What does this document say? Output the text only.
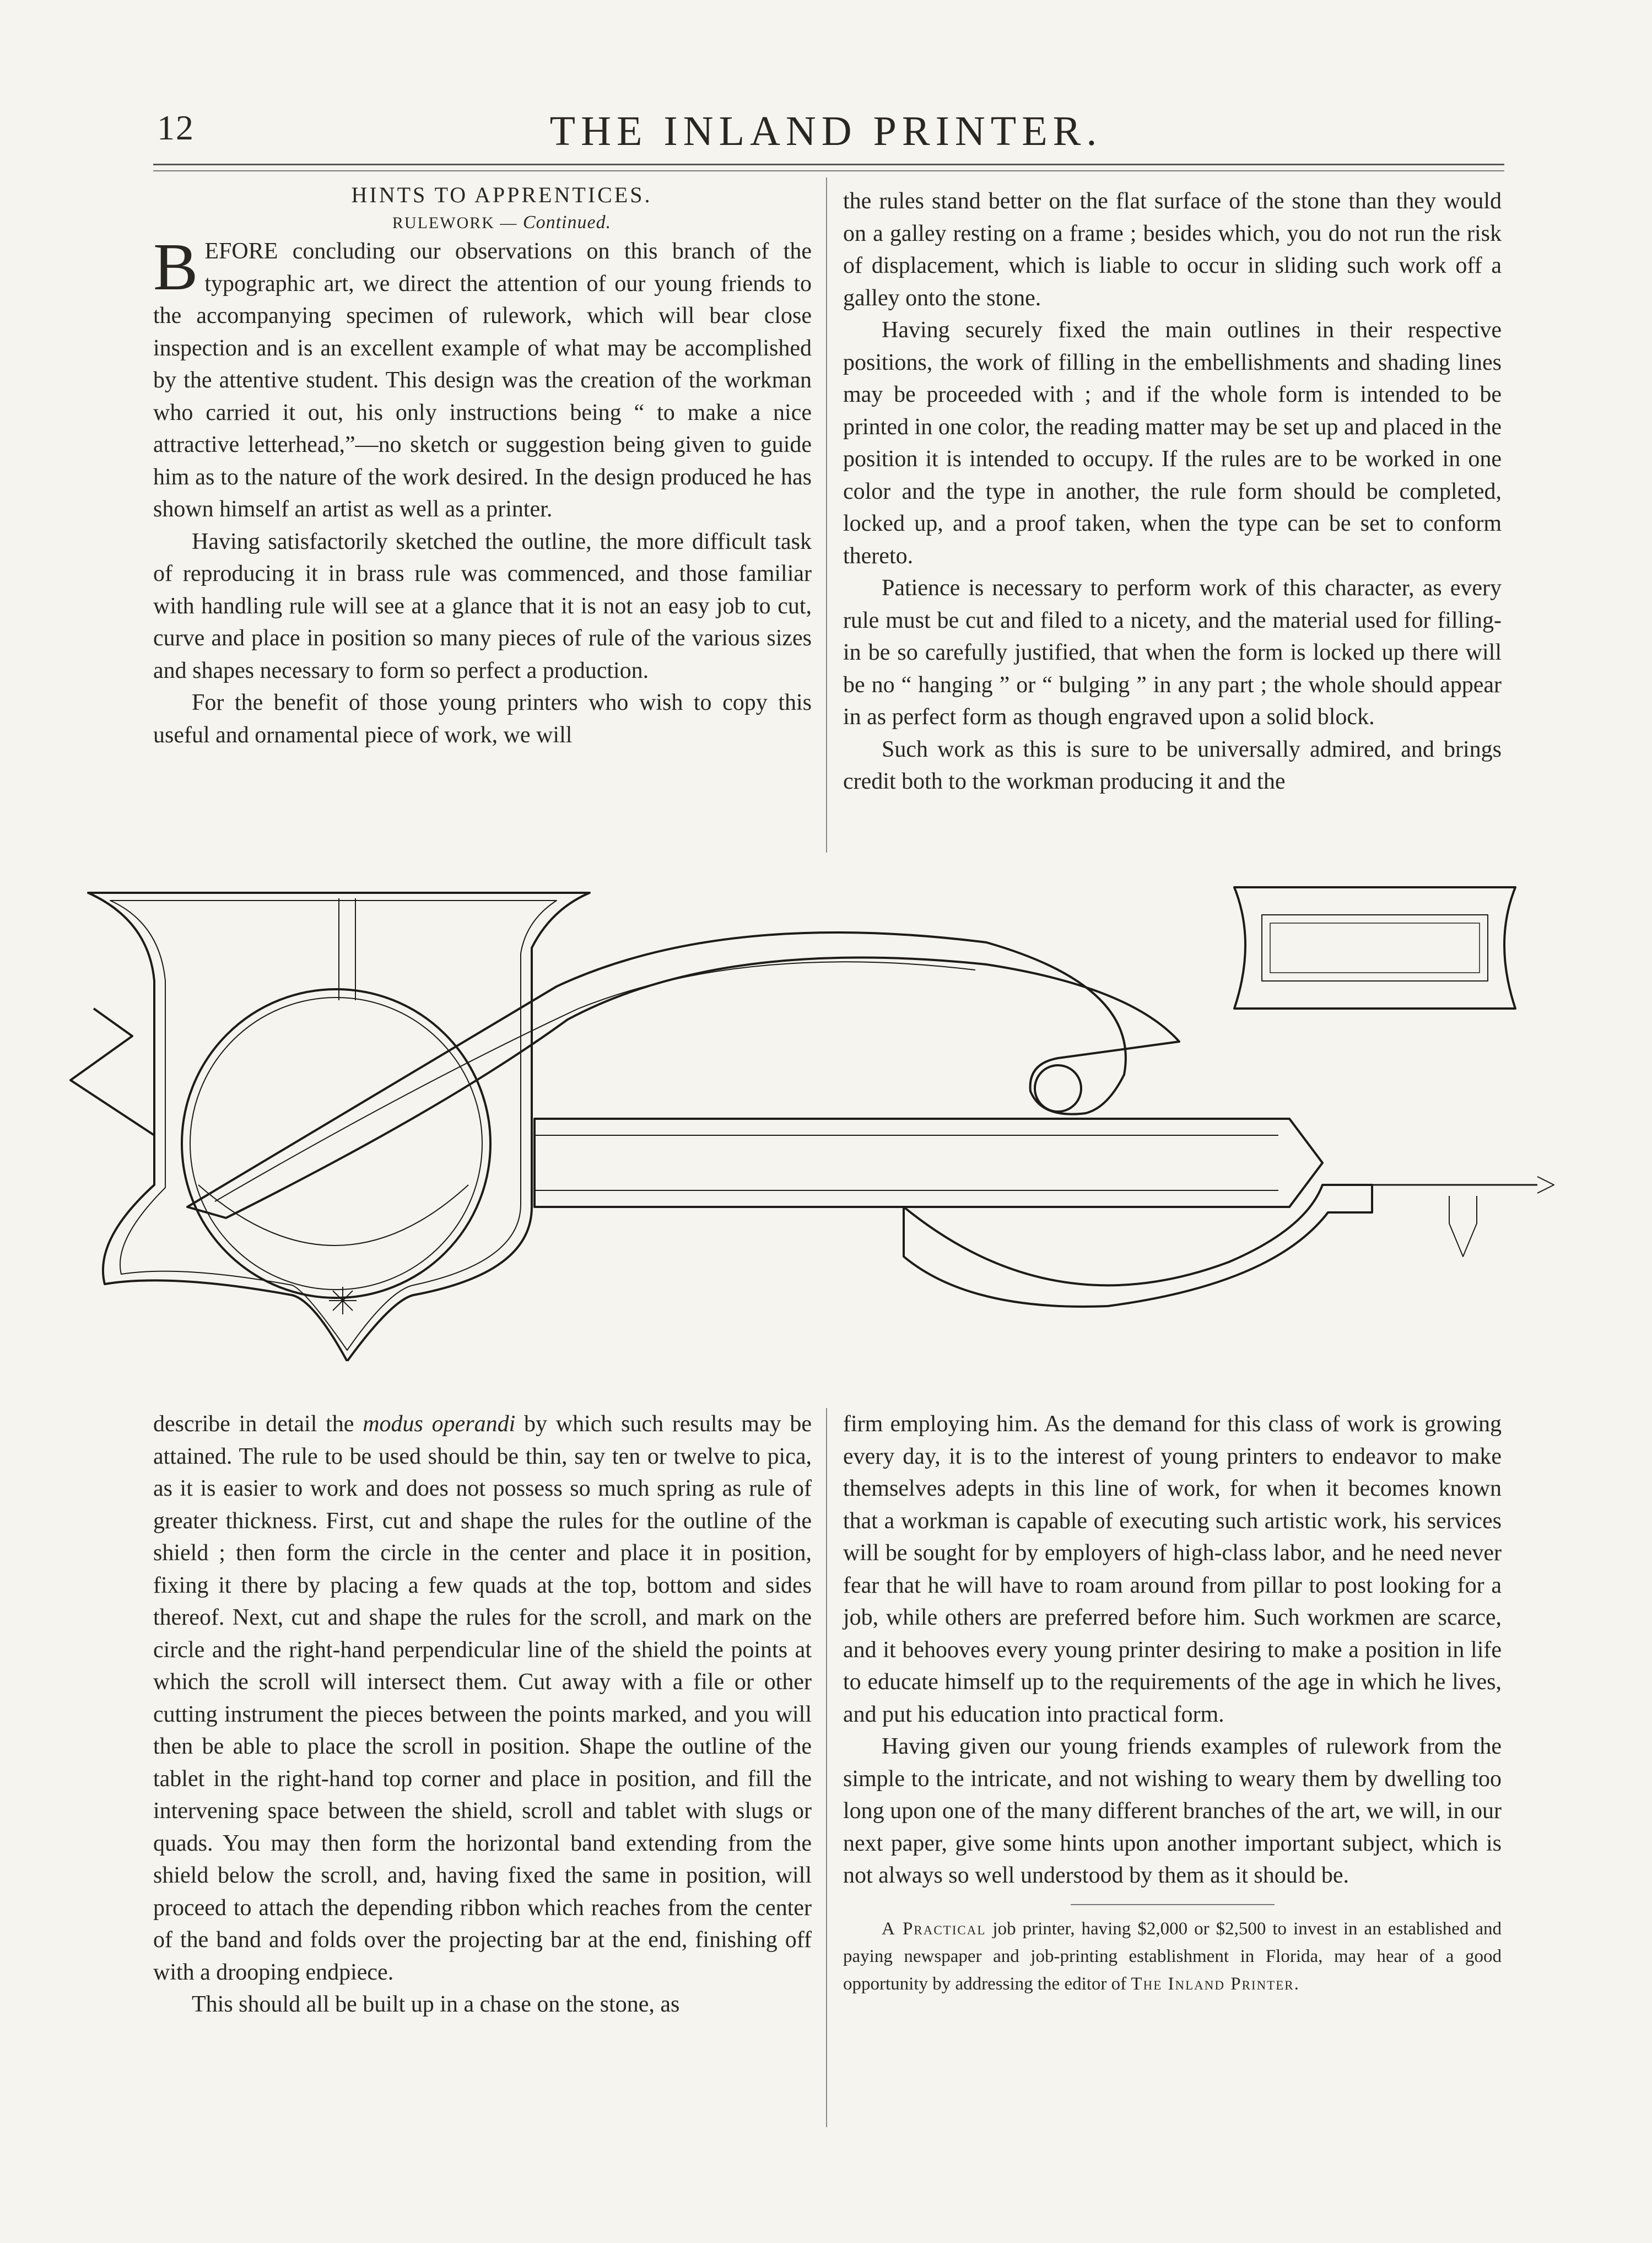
12	THE INLAND PRINTER.

HINTS TO APPRENTICES.

RULEWORK — Continued.

BEFORE concluding our observations on this branch of the typographic art, we direct the attention of our young friends to the accompanying specimen of rulework, which will bear close inspection and is an excellent example of what may be accomplished by the attentive student. This design was the creation of the workman who carried it out, his only instructions being “ to make a nice attractive letterhead,”—no sketch or suggestion being given to guide him as to the nature of the work desired. In the design produced he has shown himself an artist as well as a printer.

Having satisfactorily sketched the outline, the more difficult task of reproducing it in brass rule was commenced, and those familiar with handling rule will see at a glance that it is not an easy job to cut, curve and place in position so many pieces of rule of the various sizes and shapes necessary to form so perfect a production.

For the benefit of those young printers who wish to copy this useful and ornamental piece of work, we will

the rules stand better on the flat surface of the stone than they would on a galley resting on a frame ; besides which, you do not run the risk of displacement, which is liable to occur in sliding such work off a galley onto the stone.

Having securely fixed the main outlines in their respective positions, the work of filling in the embellishments and shading lines may be proceeded with ; and if the whole form is intended to be printed in one color, the reading matter may be set up and placed in the position it is intended to occupy. If the rules are to be worked in one color and the type in another, the rule form should be completed, locked up, and a proof taken, when the type can be set to conform thereto.

Patience is necessary to perform work of this character, as every rule must be cut and filed to a nicety, and the material used for filling-in be so carefully justified, that when the form is locked up there will be no “ hanging ” or “ bulging ” in any part ; the whole should appear in as perfect form as though engraved upon a solid block.

Such work as this is sure to be universally admired, and brings credit both to the workman producing it and the

describe in detail the modus operandi by which such results may be attained. The rule to be used should be thin, say ten or twelve to pica, as it is easier to work and does not possess so much spring as rule of greater thickness. First, cut and shape the rules for the outline of the shield ; then form the circle in the center and place it in position, fixing it there by placing a few quads at the top, bottom and sides thereof. Next, cut and shape the rules for the scroll, and mark on the circle and the right-hand perpendicular line of the shield the points at which the scroll will intersect them. Cut away with a file or other cutting instrument the pieces between the points marked, and you will then be able to place the scroll in position. Shape the outline of the tablet in the right-hand top corner and place in position, and fill the intervening space between the shield, scroll and tablet with slugs or quads. You may then form the horizontal band extending from the shield below the scroll, and, having fixed the same in position, will proceed to attach the depending ribbon which reaches from the center of the band and folds over the projecting bar at the end, finishing off with a drooping endpiece.

This should all be built up in a chase on the stone, as

firm employing him. As the demand for this class of work is growing every day, it is to the interest of young printers to endeavor to make themselves adepts in this line of work, for when it becomes known that a workman is capable of executing such artistic work, his services will be sought for by employers of high-class labor, and he need never fear that he will have to roam around from pillar to post looking for a job, while others are preferred before him. Such workmen are scarce, and it behooves every young printer desiring to make a position in life to educate himself up to the requirements of the age in which he lives, and put his education into practical form.

Having given our young friends examples of rulework from the simple to the intricate, and not wishing to weary them by dwelling too long upon one of the many different branches of the art, we will, in our next paper, give some hints upon another important subject, which is not always so well understood by them as it should be.

A Practical job printer, having $2,000 or $2,500 to invest in an established and paying newspaper and job-printing establishment in Florida, may hear of a good opportunity by addressing the editor of The Inland Printer.
